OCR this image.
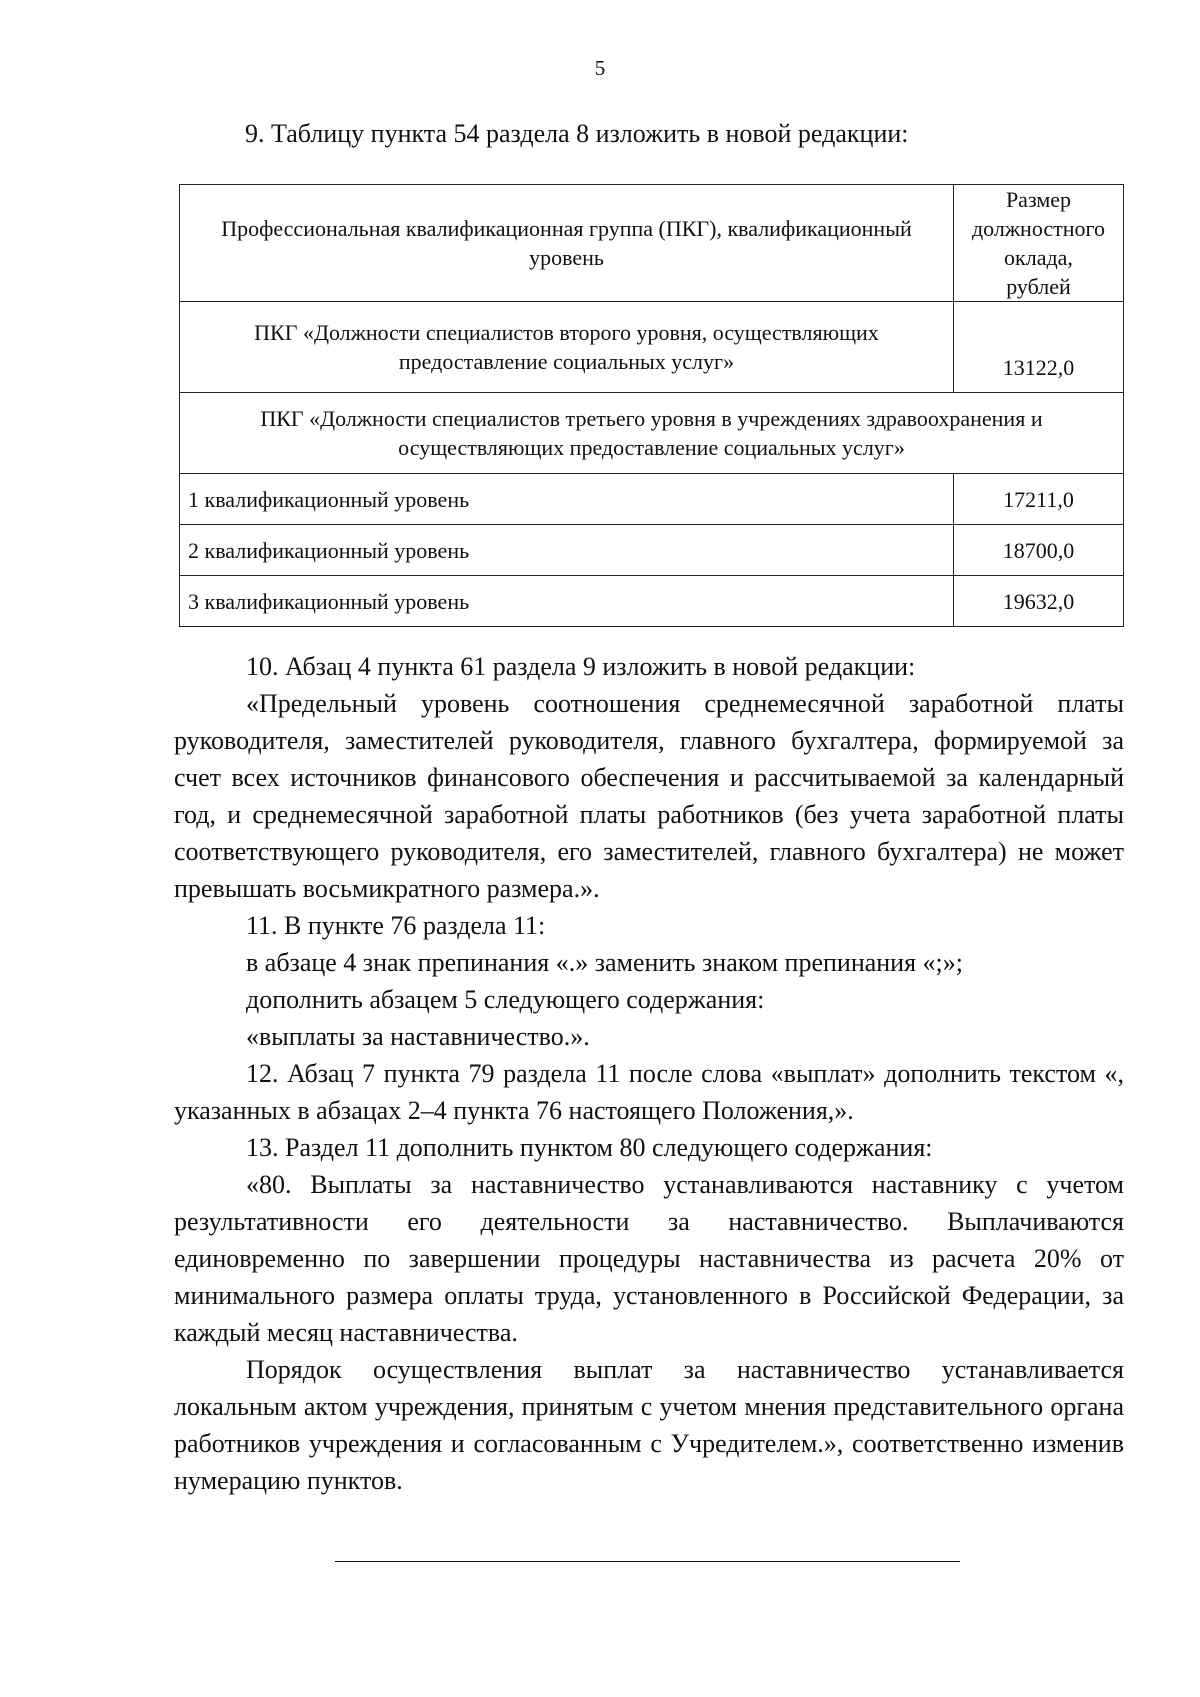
5
9. Таблицу пункта 54 раздела 8 изложить в новой редакции:
Профессиональная квалификационная группа (ПКГ), квалификационный уровень	Размер должностного оклада, рублей
ПКГ «Должности специалистов второго уровня, осуществляющих предоставление социальных услуг»	13122,0
ПКГ «Должности специалистов третьего уровня в учреждениях здравоохранения и осуществляющих предоставление социальных услуг»	
1 квалификационный уровень	17211,0
2 квалификационный уровень	18700,0
3 квалификационный уровень	19632,0

10. Абзац 4 пункта 61 раздела 9 изложить в новой редакции:

«Предельный уровень соотношения среднемесячной заработной платы руководителя, заместителей руководителя, главного бухгалтера, формируемой за счет всех источников финансового обеспечения и рассчитываемой за календарный год, и среднемесячной заработной платы работников (без учета заработной платы соответствующего руководителя, его заместителей, главного бухгалтера) не может превышать восьмикратного размера.».

11. В пункте 76 раздела 11:

в абзаце 4 знак препинания «.» заменить знаком препинания «;»;

дополнить абзацем 5 следующего содержания:

«выплаты за наставничество.».

12. Абзац 7 пункта 79 раздела 11 после слова «выплат» дополнить текстом «, указанных в абзацах 2–4 пункта 76 настоящего Положения,».

13. Раздел 11 дополнить пунктом 80 следующего содержания:

«80. Выплаты за наставничество устанавливаются наставнику с учетом результативности его деятельности за наставничество. Выплачиваются единовременно по завершении процедуры наставничества из расчета 20% от минимального размера оплаты труда, установленного в Российской Федерации, за каждый месяц наставничества.

Порядок осуществления выплат за наставничество устанавливается локальным актом учреждения, принятым с учетом мнения представительного органа работников учреждения и согласованным с Учредителем.», соответственно изменив нумерацию пунктов.
